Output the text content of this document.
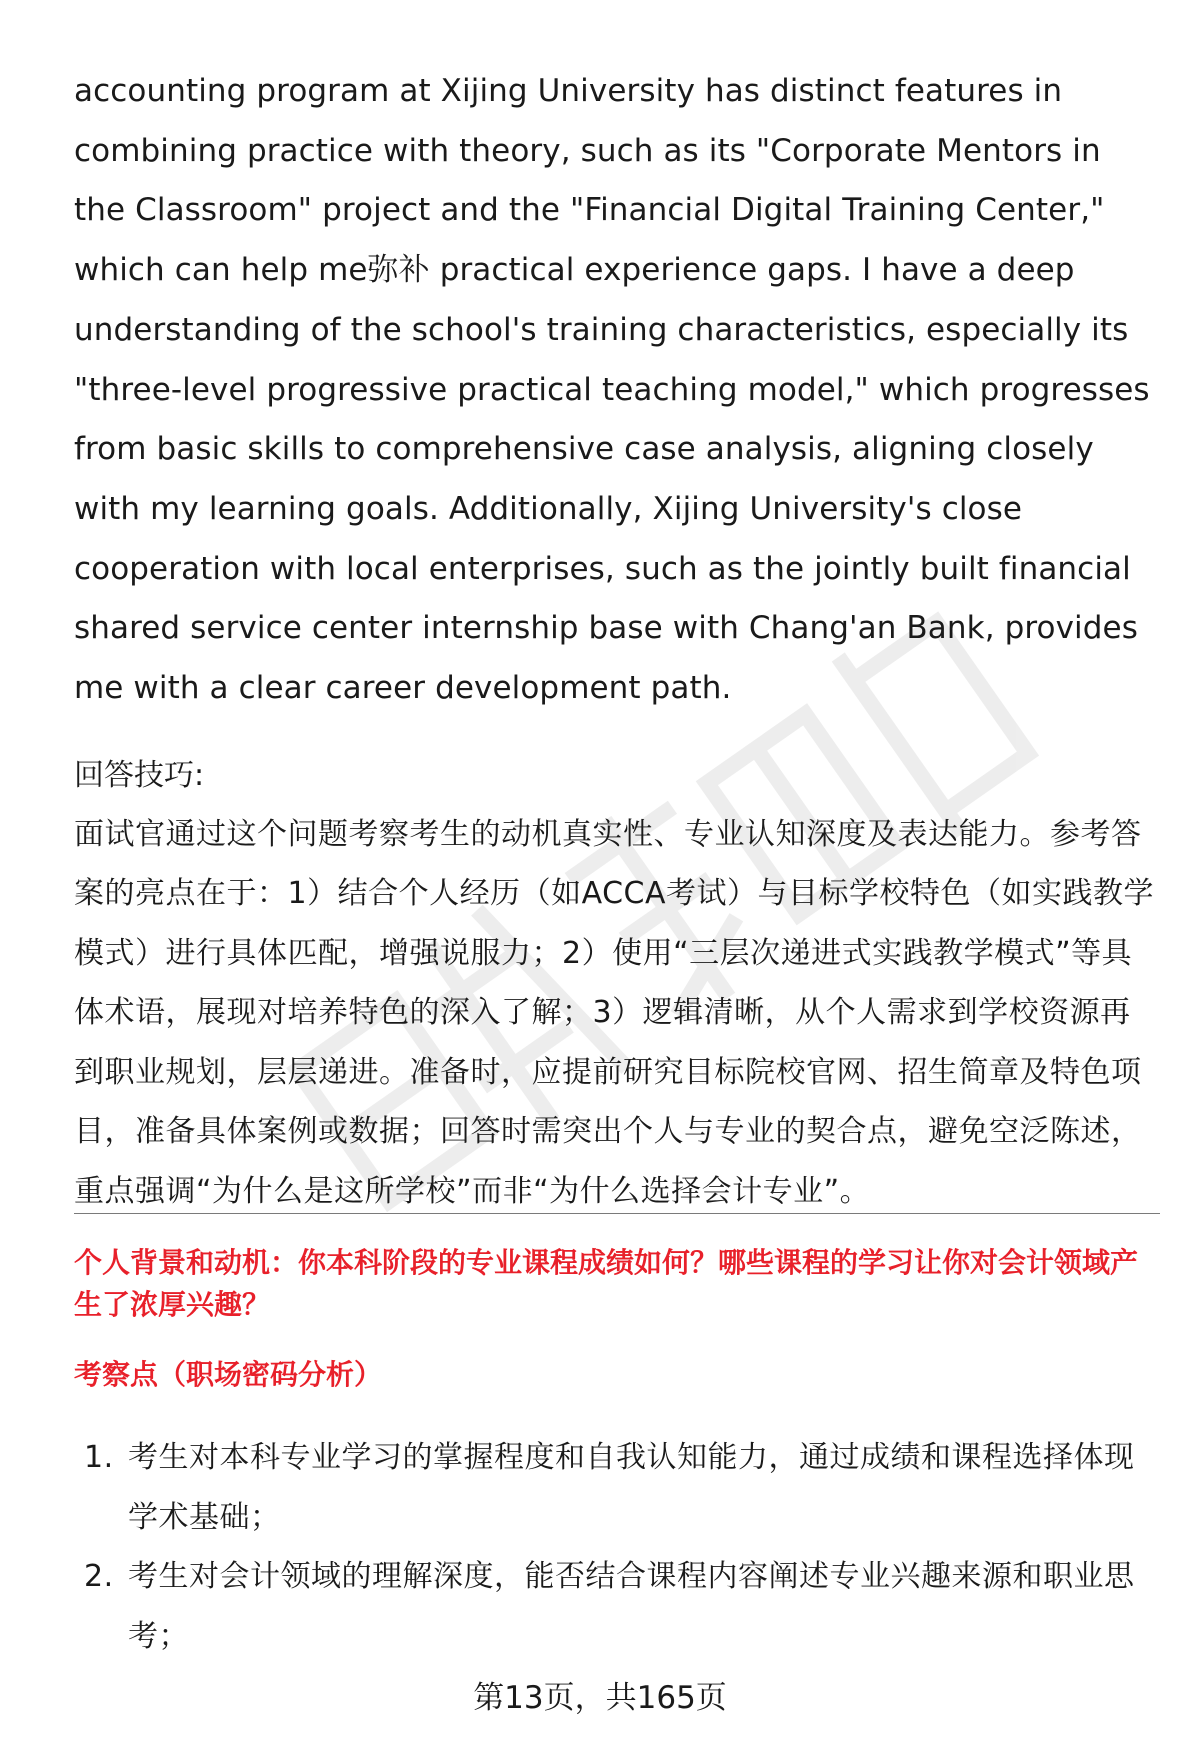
accounting program at Xijing University has distinct features in combining practice with theory, such as its "Corporate Mentors in the Classroom" project and the "Financial Digital Training Center," which can help me弥补 practical experience gaps. I have a deep understanding of the school's training characteristics, especially its "three-level progressive practical teaching model," which progresses from basic skills to comprehensive case analysis, aligning closely with my learning goals. Additionally, Xijing University's close cooperation with local enterprises, such as the jointly built financial shared service center internship base with Chang'an Bank, provides me with a clear career development path.

回答技巧:

面试官通过这个问题考察考生的动机真实性、专业认知深度及表达能力。参考答案的亮点在于：1）结合个人经历（如ACCA考试）与目标学校特色（如实践教学模式）进行具体匹配，增强说服力；2）使用“三层次递进式实践教学模式”等具体术语，展现对培养特色的深入了解；3）逻辑清晰，从个人需求到学校资源再到职业规划，层层递进。准备时，应提前研究目标院校官网、招生简章及特色项目，准备具体案例或数据；回答时需突出个人与专业的契合点，避免空泛陈述，重点强调“为什么是这所学校”而非“为什么选择会计专业”。

个人背景和动机：你本科阶段的专业课程成绩如何？哪些课程的学习让你对会计领域产生了浓厚兴趣？

考察点（职场密码分析）

1. 考生对本科专业学习的掌握程度和自我认知能力，通过成绩和课程选择体现学术基础；
2. 考生对会计领域的理解深度，能否结合课程内容阐述专业兴趣来源和职业思考；
第13页，共165页
